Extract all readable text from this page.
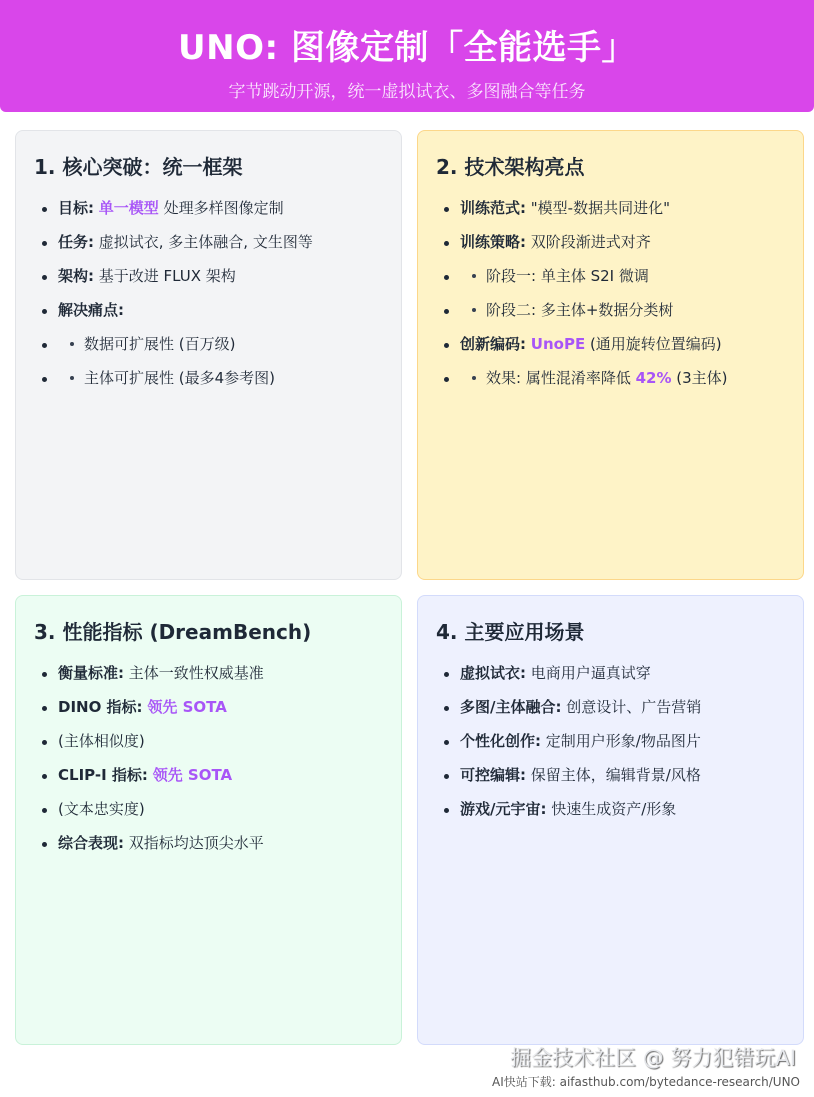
UNO: 图像定制「全能选手」
字节跳动开源，统一虚拟试衣、多图融合等任务
1. 核心突破：统一框架
目标: 单一模型 处理多样图像定制
任务: 虚拟试衣, 多主体融合, 文生图等
架构: 基于改进 FLUX 架构
解决痛点:
数据可扩展性 (百万级)
主体可扩展性 (最多4参考图)
2. 技术架构亮点
训练范式: "模型-数据共同进化"
训练策略: 双阶段渐进式对齐
阶段一: 单主体 S2I 微调
阶段二: 多主体+数据分类树
创新编码: UnoPE (通用旋转位置编码)
效果: 属性混淆率降低 42% (3主体)
3. 性能指标 (DreamBench)
衡量标准: 主体一致性权威基准
DINO 指标: 领先 SOTA
(主体相似度)
CLIP-I 指标: 领先 SOTA
(文本忠实度)
综合表现: 双指标均达顶尖水平
4. 主要应用场景
虚拟试衣: 电商用户逼真试穿
多图/主体融合: 创意设计、广告营销
个性化创作: 定制用户形象/物品图片
可控编辑: 保留主体，编辑背景/风格
游戏/元宇宙: 快速生成资产/形象
掘金技术社区 @ 努力犯错玩AI
AI快站下载: aifasthub.com/bytedance-research/UNO
